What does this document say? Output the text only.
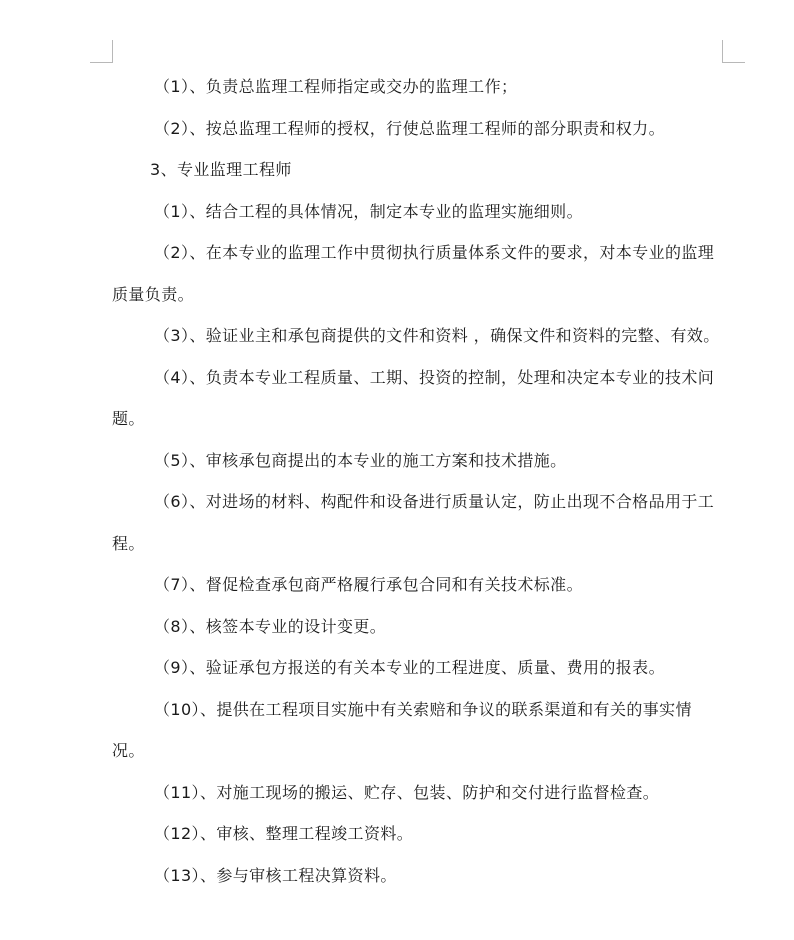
（1）、负责总监理工程师指定或交办的监理工作；

（2）、按总监理工程师的授权，行使总监理工程师的部分职责和权力。

3、专业监理工程师

（1）、结合工程的具体情况，制定本专业的监理实施细则。

（2）、在本专业的监理工作中贯彻执行质量体系文件的要求，对本专业的监理质量负责。

（3）、验证业主和承包商提供的文件和资料 ，确保文件和资料的完整、有效。

（4）、负责本专业工程质量、工期、投资的控制，处理和决定本专业的技术问题。

（5）、审核承包商提出的本专业的施工方案和技术措施。

（6）、对进场的材料、构配件和设备进行质量认定，防止出现不合格品用于工程。

（7）、督促检查承包商严格履行承包合同和有关技术标准。

（8）、核签本专业的设计变更。

（9）、验证承包方报送的有关本专业的工程进度、质量、费用的报表。

（10）、提供在工程项目实施中有关索赔和争议的联系渠道和有关的事实情况。

（11）、对施工现场的搬运、贮存、包装、防护和交付进行监督检查。

（12）、审核、整理工程竣工资料。

（13）、参与审核工程决算资料。
